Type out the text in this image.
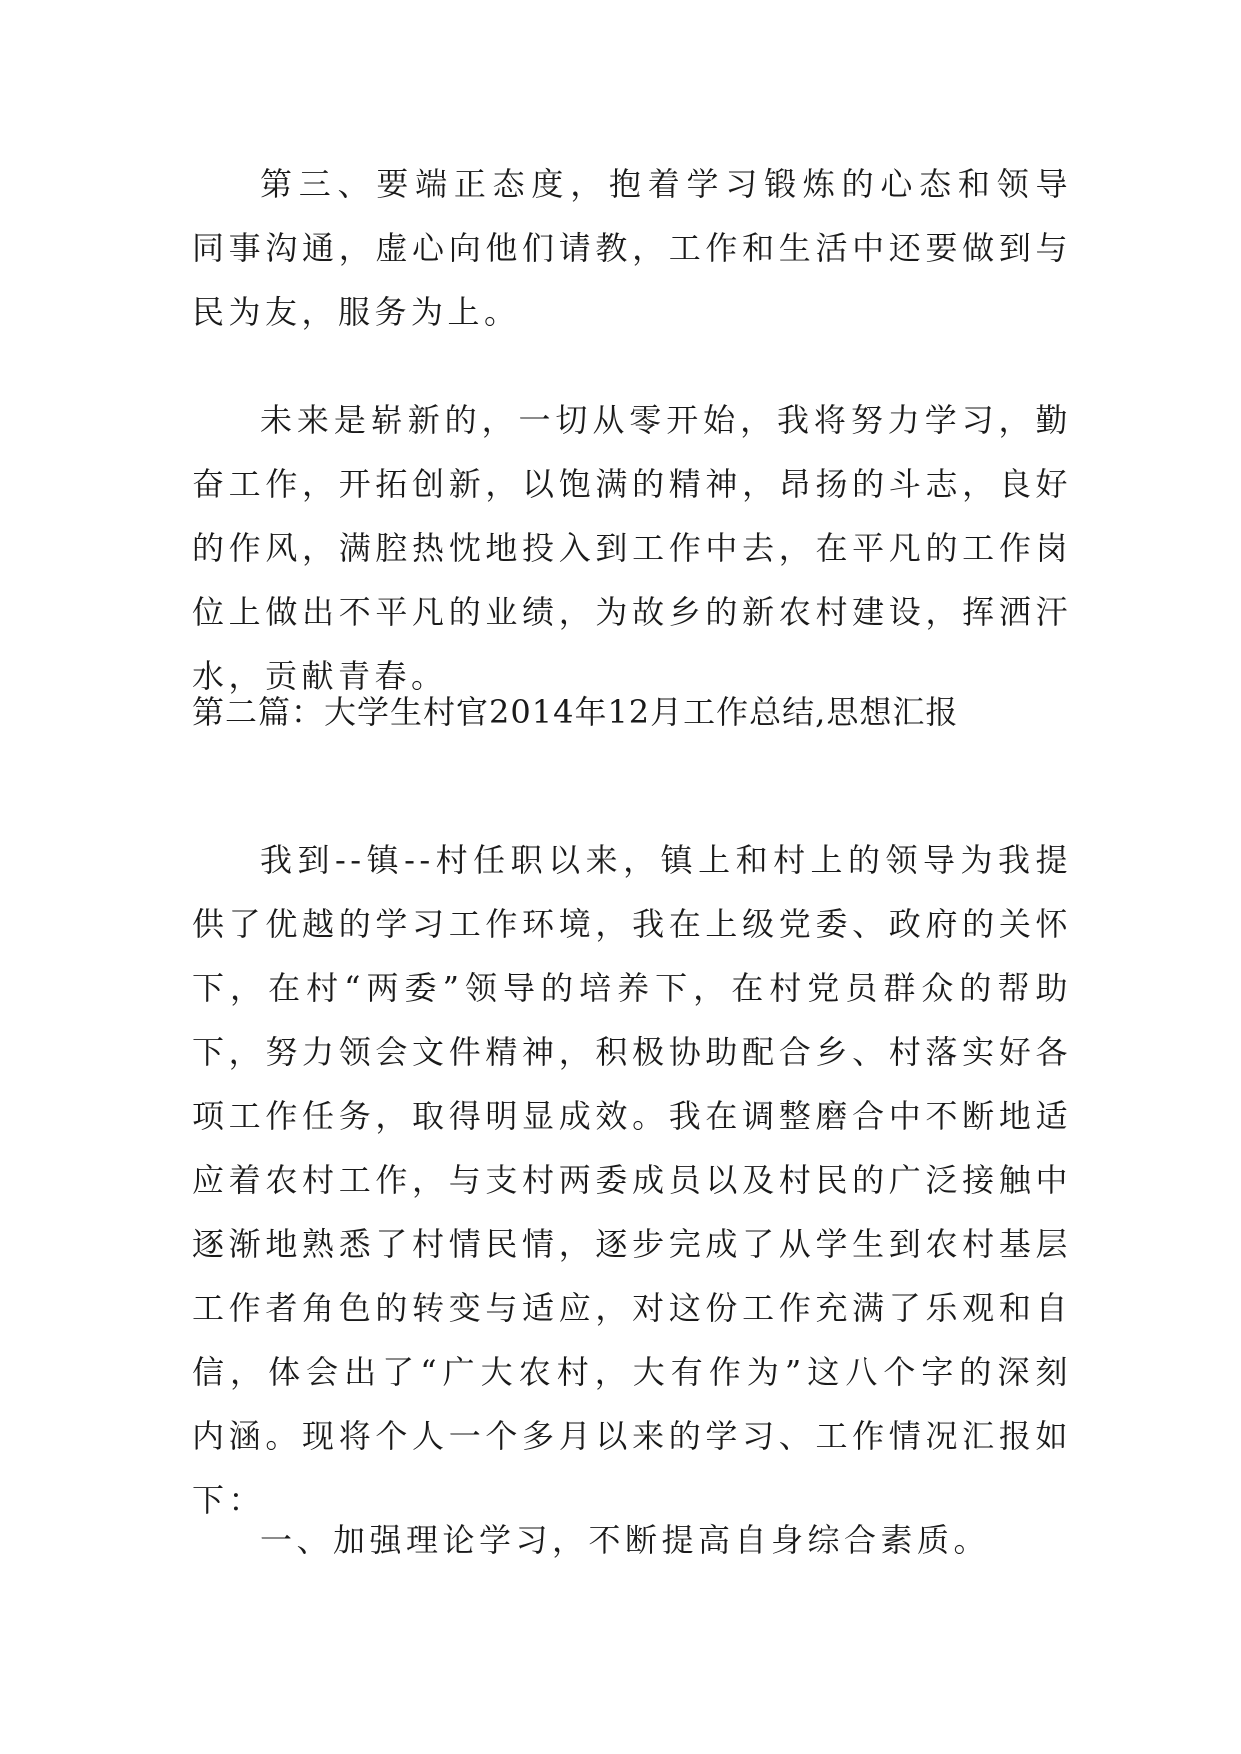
第三、要端正态度，抱着学习锻炼的心态和领导 同事沟通，虚心向他们请教，工作和生活中还要做到与民为友，服务为上。

未来是崭新的，一切从零开始，我将努力学习，勤奋工作，开拓创新，以饱满的精神，昂扬的斗志，良好的作风，满腔热忱地投入到工作中去，在平凡的工作岗位上做出不平凡的业绩，为故乡的新农村建设，挥洒汗水，贡献青春。

第二篇：大学生村官2014年12月工作总结,思想汇报

我到--镇--村任职以来，镇上和村上的领导为我提供了优越的学习工作环境，我在上级党委、政府的关怀下，在村“两委”领导的培养下，在村党员群众的帮助下，努力领会文件精神，积极协助配合乡、村落实好各项工作任务，取得明显成效。我在调整磨合中不断地适应着农村工作，与支村两委成员以及村民的广泛接触中逐渐地熟悉了村情民情，逐步完成了从学生到农村基层工作者角色的转变与适应，对这份工作充满了乐观和自信，体会出了“广大农村，大有作为”这八个字的深刻内涵。现将个人一个多月以来的学习、工作情况汇报如下：

一、加强理论学习，不断提高自身综合素质。
